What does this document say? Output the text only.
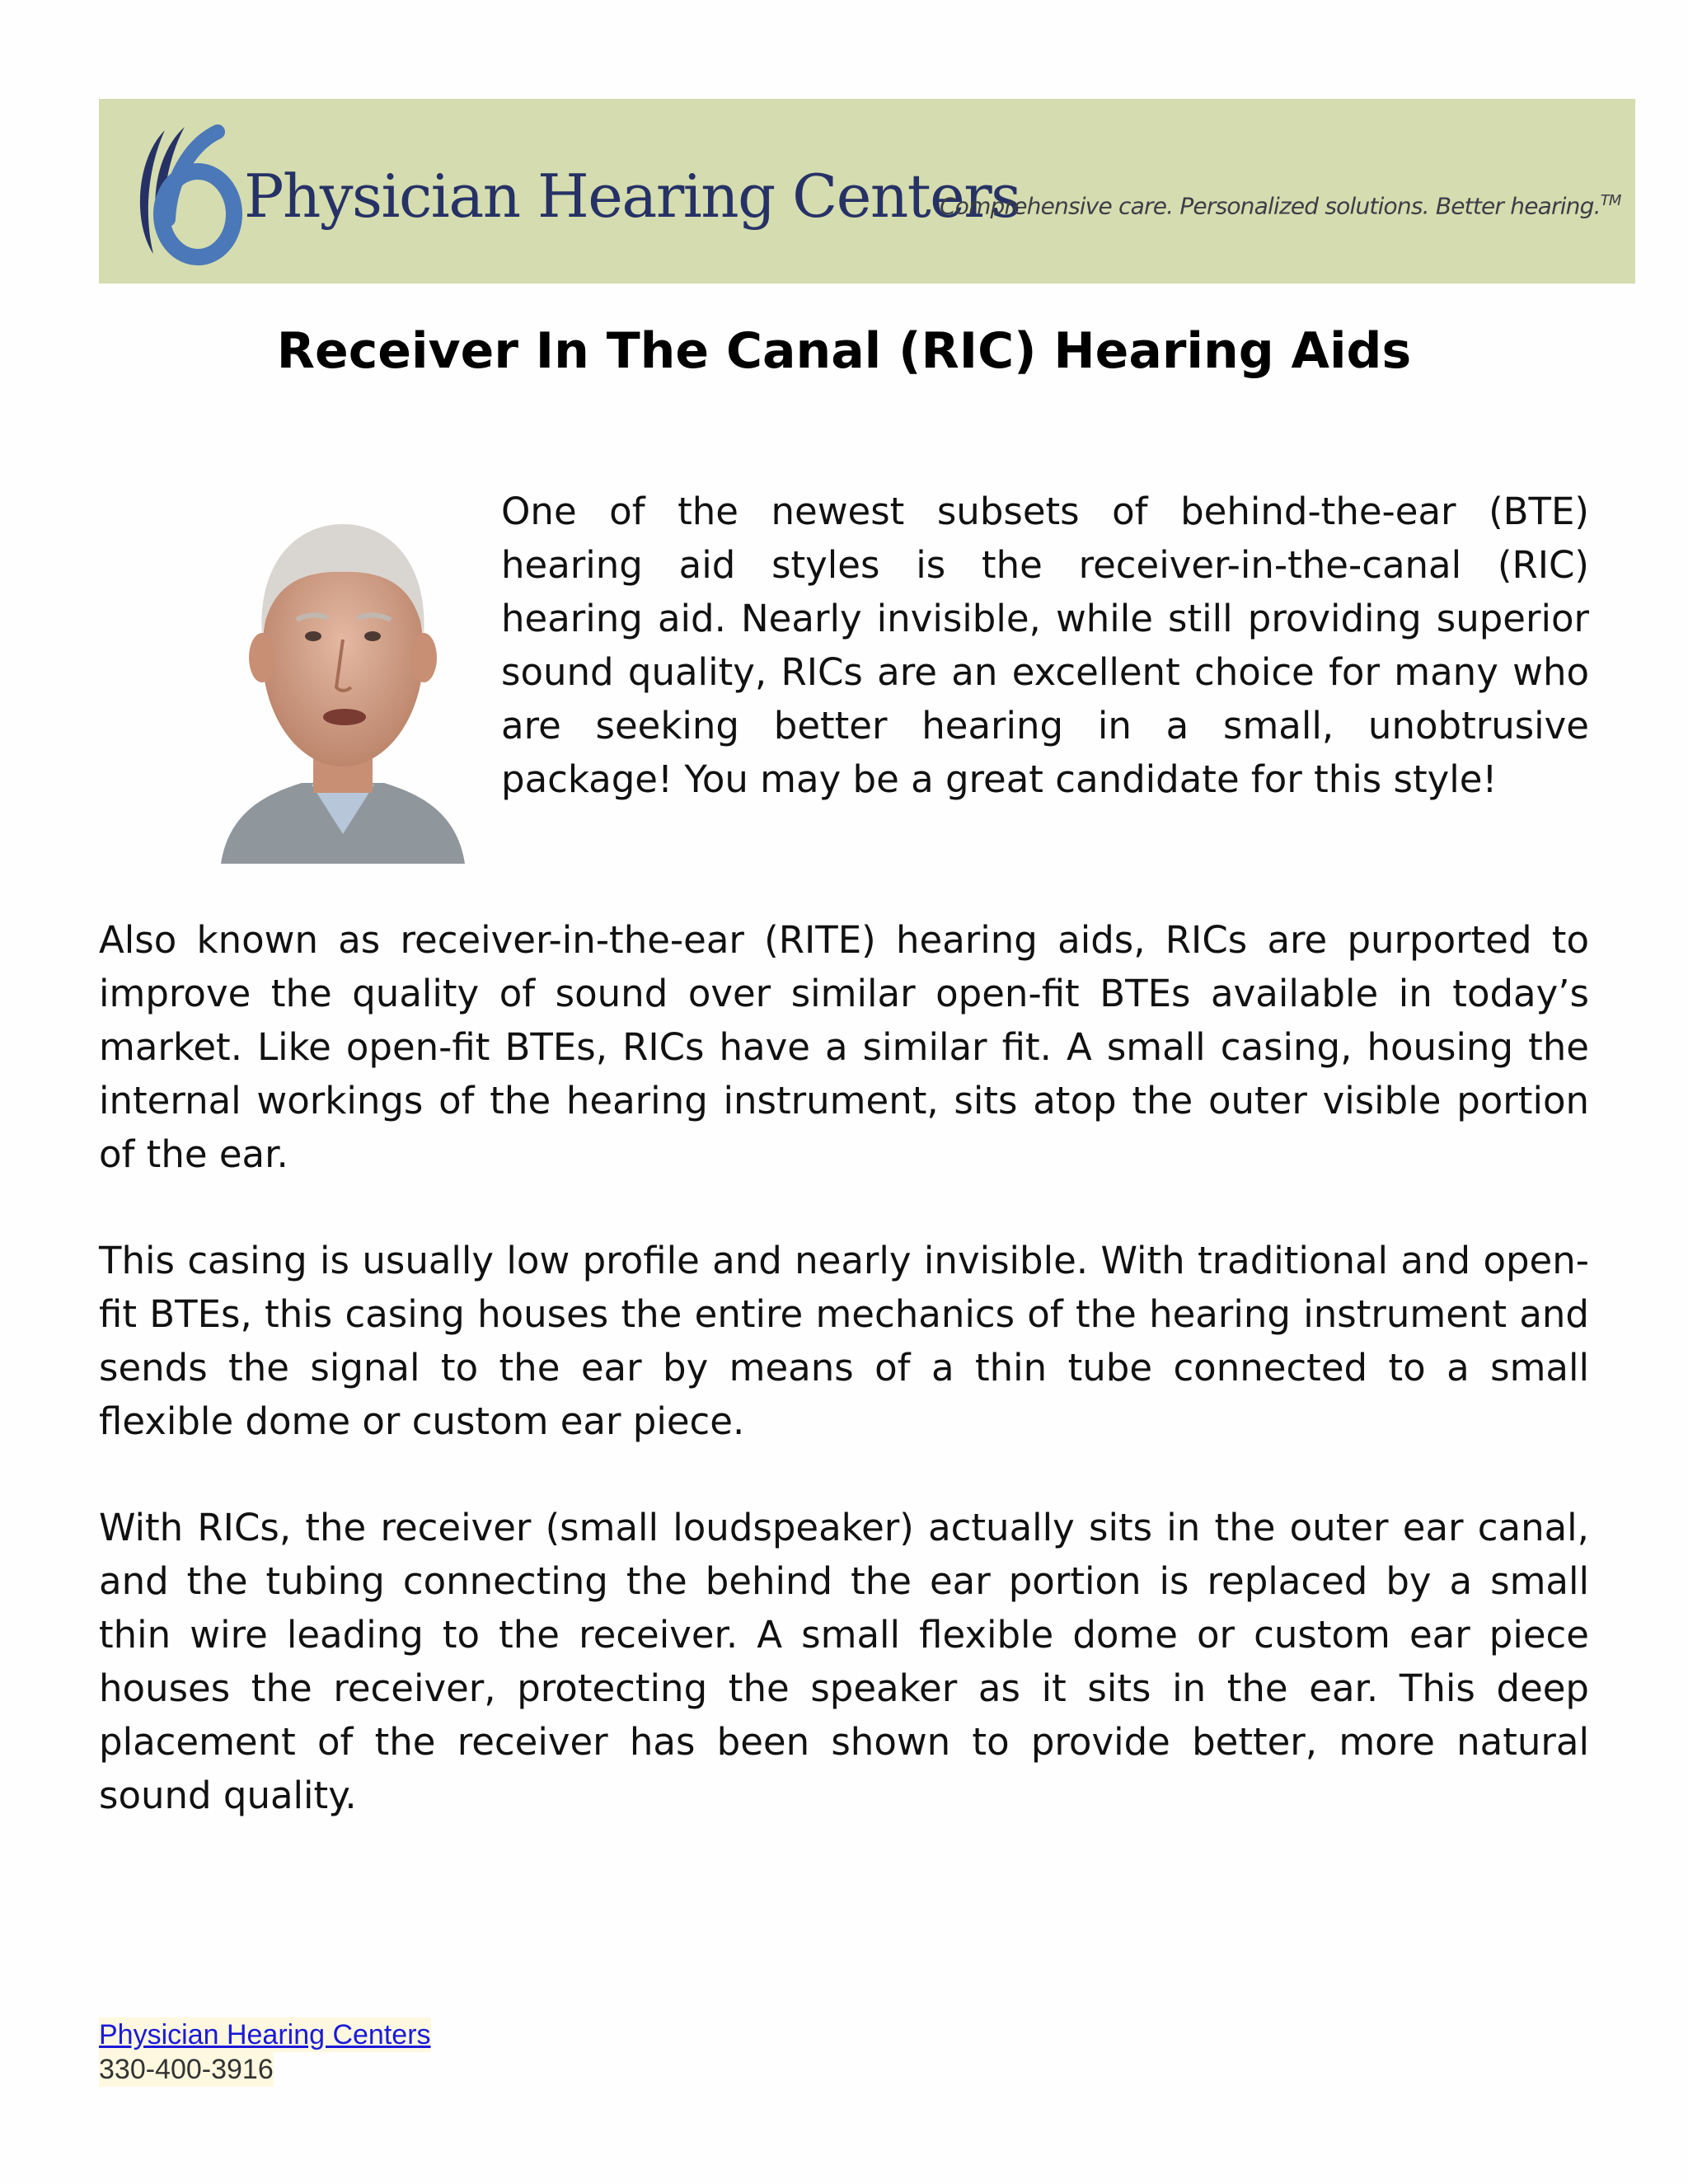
Physician Hearing Centers
Comprehensive care. Personalized solutions. Better hearing.™
Receiver In The Canal (RIC) Hearing Aids

One of the newest subsets of behind-the-ear (BTE) hearing aid styles is the receiver-in-the-canal (RIC) hearing aid. Nearly invisible, while still providing superior sound quality, RICs are an excellent choice for many who are seeking better hearing in a small, unobtrusive package! You may be a great candidate for this style!

Also known as receiver-in-the-ear (RITE) hearing aids, RICs are purported to improve the quality of sound over similar open-fit BTEs available in today’s market. Like open-fit BTEs, RICs have a similar fit. A small casing, housing the internal workings of the hearing instrument, sits atop the outer visible portion of the ear.

This casing is usually low profile and nearly invisible. With traditional and open-fit BTEs, this casing houses the entire mechanics of the hearing instrument and sends the signal to the ear by means of a thin tube connected to a small flexible dome or custom ear piece.

With RICs, the receiver (small loudspeaker) actually sits in the outer ear canal, and the tubing connecting the behind the ear portion is replaced by a small thin wire leading to the receiver. A small flexible dome or custom ear piece houses the receiver, protecting the speaker as it sits in the ear. This deep placement of the receiver has been shown to provide better, more natural sound quality.

Physician Hearing Centers
330-400-3916
